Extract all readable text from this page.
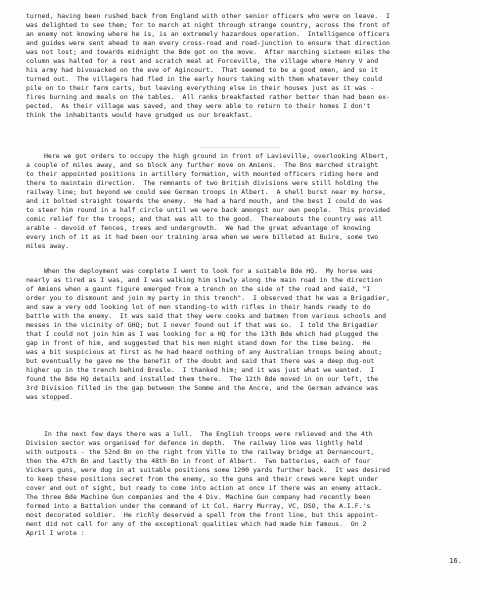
turned, having been rushed back from England with other senior officers who were on leave.  I

was delighted to see them; for to march at night through strange country, across the front of

an enemy not knowing where he is, is an extremely hazardous operation.  Intelligence officers

and guides were sent ahead to man every cross-road and road-junction to ensure that direction

was not lost; and towards midnight the Bde got on the move.  After marching sixteen miles the

column was halted for a rest and scratch meal at Forceville, the village where Henry V and

his army had bivouacked on the eve of Agincourt.  That seemed to be a good omen, and so it

turned out.  The villagers had fled in the early hours taking with them whatever they could

pile on to their farm carts, but leaving everything else in their houses just as it was -

fires burning and meals on the tables.  All ranks breakfasted rather better than had been ex-

pected.  As their village was saved, and they were able to return to their homes I don't

think the inhabitants would have grudged us our breakfast.

Here we got orders to occupy the high ground in front of Lavieville, overlooking Albert,

a couple of miles away, and so block any further move on Amiens.  The Bns marched straight

to their appointed positions in artillery formation, with mounted officers riding here and

there to maintain direction.  The remnants of two British divisions were still holding the

railway line; but beyond we could see German troops in Albert.  A shell burst near my horse,

and it bolted straight towards the enemy.  He had a hard mouth, and the best I could do was

to steer him round in a half circle until we were back amongst our own people.  This provided

comic relief for the troops; and that was all to the good.  Thereabouts the country was all

arable - devoid of fences, trees and undergrowth.  We had the great advantage of knowing

every inch of it as it had been our training area when we were billeted at Buire, some two

miles away.

When the deployment was complete I went to look for a suitable Bde HQ.  My horse was

nearly as tired as I was, and I was walking him slowly along the main road in the direction

of Amiens when a gaunt figure emerged from a trench on the side of the road and said, "I

order you to dismount and join my party in this trench".  I observed that he was a Brigadier,

and saw a very odd looking lot of men standing-to with rifles in their hands ready to do

battle with the enemy.  It was said that they were cooks and batmen from various schools and

messes in the vicinity of GHQ; but I never found out if that was so.  I told the Brigadier

that I could not join him as I was looking for a HQ for the 13th Bde which had plugged the

gap in front of him, and suggested that his men might stand down for the time being.  He

was a bit suspicious at first as he had heard nothing of any Australian troops being about;

but eventually he gave me the benefit of the doubt and said that there was a deep dug-out

higher up in the trench behind Bresle.  I thanked him; and it was just what we wanted.  I

found the Bde HQ details and installed them there.  The 12th Bde moved in on our left, the

3rd Division filled in the gap between the Somme and the Ancre, and the German advance was

was stopped.

In the next few days there was a lull.  The English troops were relieved and the 4th

Division sector was organised for defence in depth.  The railway line was lightly held

with outposts - the 52nd Bn on the right from Ville to the railway bridge at Dernancourt,

then the 47th Bn and lastly the 48th Bn in front of Albert.  Two batteries, each of four

Vickers guns, were dug in at suitable positions some 1200 yards further back.  It was desired

to keep these positions secret from the enemy, so the guns and their crews were kept under

cover and out of sight, but ready to come into action at once if there was an enemy attack.

The three Bde Machine Gun companies and the 4 Div. Machine Gun company had recently been

formed into a Battalion under the command of Lt Col. Harry Murray, VC, DSO, the A.I.F.'s

most decorated soldier.  He richly deserved a spell from the front line, but this appoint-

ment did not call for any of the exceptional qualities which had made him famous.  On 2

April I wrote :

16.
